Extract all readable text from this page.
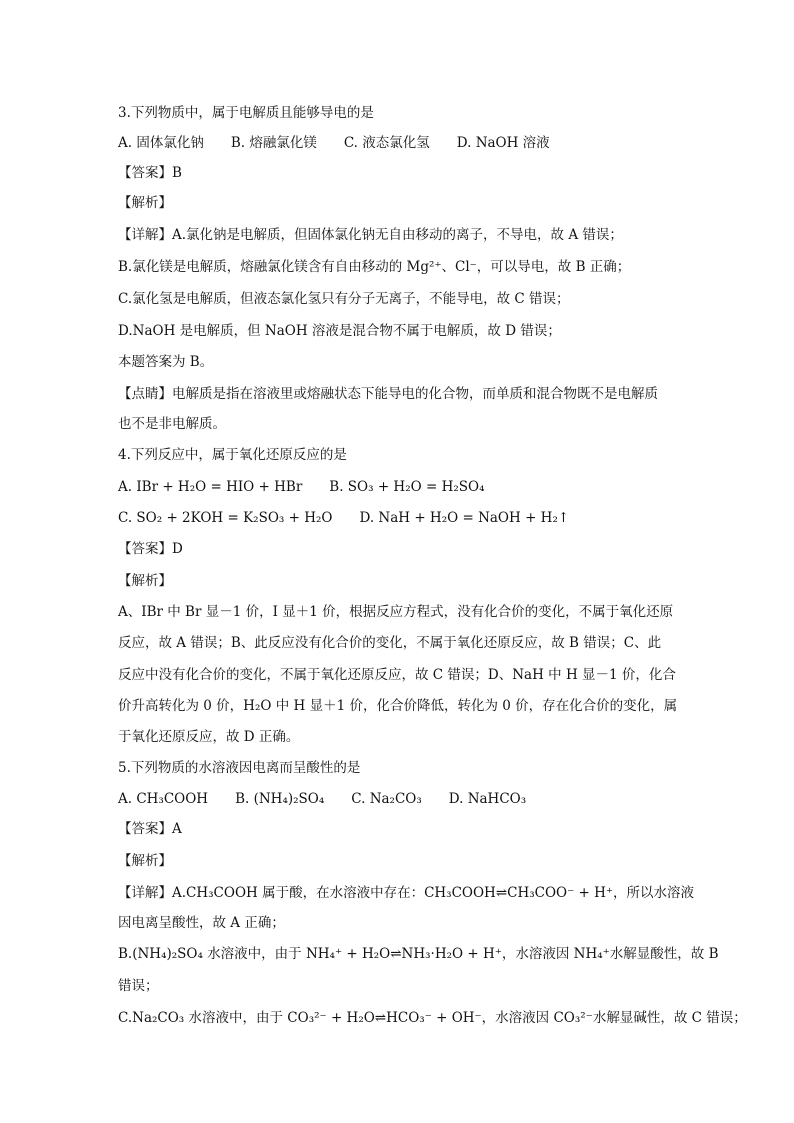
3.下列物质中，属于电解质且能够导电的是
A. 固体氯化钠　　B. 熔融氯化镁　　C. 液态氯化氢　　D. NaOH 溶液
【答案】B
【解析】
【详解】A.氯化钠是电解质，但固体氯化钠无自由移动的离子，不导电，故 A 错误；
B.氯化镁是电解质，熔融氯化镁含有自由移动的 Mg²⁺、Cl⁻，可以导电，故 B 正确；
C.氯化氢是电解质，但液态氯化氢只有分子无离子，不能导电，故 C 错误；
D.NaOH 是电解质，但 NaOH 溶液是混合物不属于电解质，故 D 错误；
本题答案为 B。
【点睛】电解质是指在溶液里或熔融状态下能导电的化合物，而单质和混合物既不是电解质
也不是非电解质。
4.下列反应中，属于氧化还原反应的是
A. IBr + H₂O = HIO + HBr　　B. SO₃ + H₂O = H₂SO₄
C. SO₂ + 2KOH = K₂SO₃ + H₂O　　D. NaH + H₂O = NaOH + H₂↑
【答案】D
【解析】
A、IBr 中 Br 显－1 价，I 显＋1 价，根据反应方程式，没有化合价的变化，不属于氧化还原
反应，故 A 错误；B、此反应没有化合价的变化，不属于氧化还原反应，故 B 错误；C、此
反应中没有化合价的变化，不属于氧化还原反应，故 C 错误；D、NaH 中 H 显－1 价，化合
价升高转化为 0 价，H₂O 中 H 显＋1 价，化合价降低，转化为 0 价，存在化合价的变化，属
于氧化还原反应，故 D 正确。
5.下列物质的水溶液因电离而呈酸性的是
A. CH₃COOH　　B. (NH₄)₂SO₄　　C. Na₂CO₃　　D. NaHCO₃
【答案】A
【解析】
【详解】A.CH₃COOH 属于酸，在水溶液中存在：CH₃COOH⇌CH₃COO⁻ + H⁺，所以水溶液
因电离呈酸性，故 A 正确；
B.(NH₄)₂SO₄ 水溶液中，由于 NH₄⁺ + H₂O⇌NH₃·H₂O + H⁺，水溶液因 NH₄⁺水解显酸性，故 B
错误；
C.Na₂CO₃ 水溶液中，由于 CO₃²⁻ + H₂O⇌HCO₃⁻ + OH⁻，水溶液因 CO₃²⁻水解显碱性，故 C 错误；
